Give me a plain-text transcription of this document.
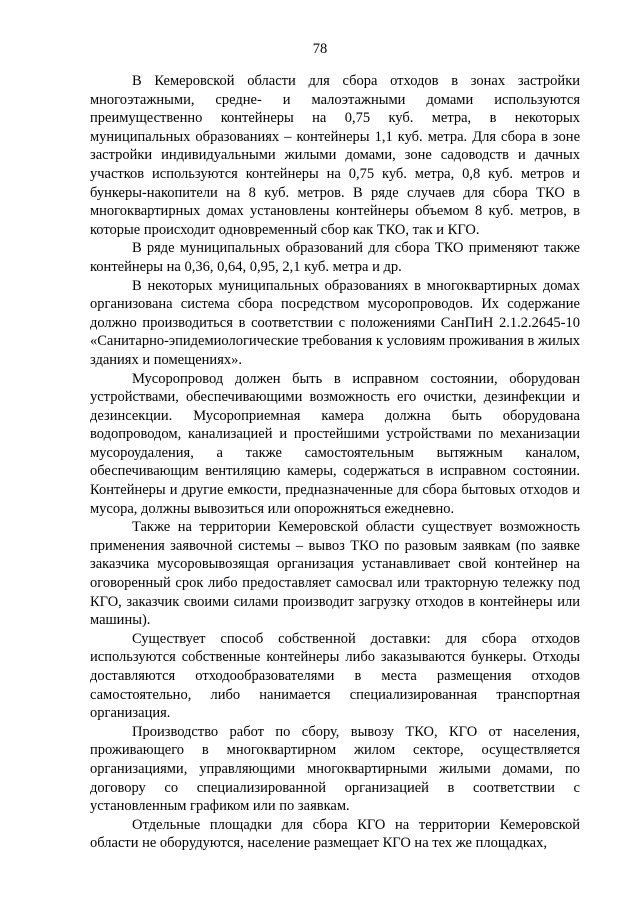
78

В Кемеровской области для сбора отходов в зонах застройки многоэтажными, средне- и малоэтажными домами используются преимущественно контейнеры на 0,75 куб. метра, в некоторых муниципальных образованиях – контейнеры 1,1 куб. метра. Для сбора в зоне застройки индивидуальными жилыми домами, зоне садоводств и дачных участков используются контейнеры на 0,75 куб. метра, 0,8 куб. метров и бункеры-накопители на 8 куб. метров. В ряде случаев для сбора ТКО в многоквартирных домах установлены контейнеры объемом 8 куб. метров, в которые происходит одновременный сбор как ТКО, так и КГО.

В ряде муниципальных образований для сбора ТКО применяют также контейнеры на 0,36, 0,64, 0,95, 2,1 куб. метра и др.

В некоторых муниципальных образованиях в многоквартирных домах организована система сбора посредством мусоропроводов. Их содержание должно производиться в соответствии с положениями СанПиН 2.1.2.2645-10 «Санитарно-эпидемиологические требования к условиям проживания в жилых зданиях и помещениях».

Мусоропровод должен быть в исправном состоянии, оборудован устройствами, обеспечивающими возможность его очистки, дезинфекции и дезинсекции. Мусороприемная камера должна быть оборудована водопроводом, канализацией и простейшими устройствами по механизации мусороудаления, а также самостоятельным вытяжным каналом, обеспечивающим вентиляцию камеры, содержаться в исправном состоянии. Контейнеры и другие емкости, предназначенные для сбора бытовых отходов и мусора, должны вывозиться или опорожняться ежедневно.

Также на территории Кемеровской области существует возможность применения заявочной системы – вывоз ТКО по разовым заявкам (по заявке заказчика мусоровывозящая организация устанавливает свой контейнер на оговоренный срок либо предоставляет самосвал или тракторную тележку под КГО, заказчик своими силами производит загрузку отходов в контейнеры или машины).

Существует способ собственной доставки: для сбора отходов используются собственные контейнеры либо заказываются бункеры. Отходы доставляются отходообразователями в места размещения отходов самостоятельно, либо нанимается специализированная транспортная организация.

Производство работ по сбору, вывозу ТКО, КГО от населения, проживающего в многоквартирном жилом секторе, осуществляется организациями, управляющими многоквартирными жилыми домами, по договору со специализированной организацией в соответствии с установленным графиком или по заявкам.

Отдельные площадки для сбора КГО на территории Кемеровской области не оборудуются, население размещает КГО на тех же площадках,
